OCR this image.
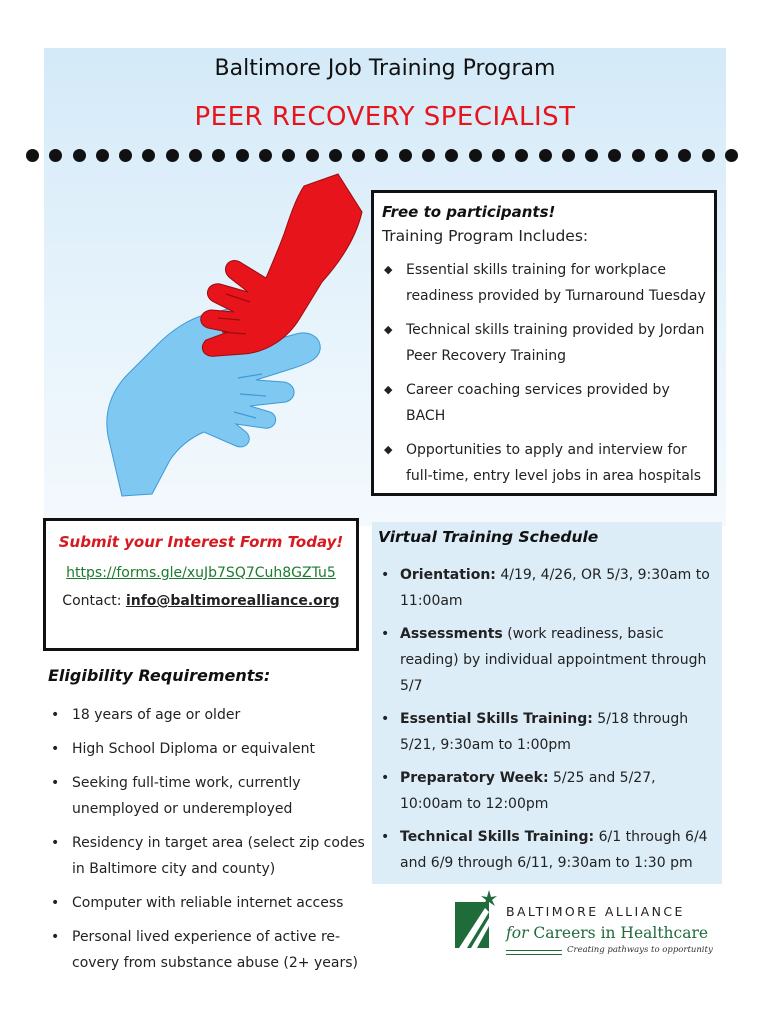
Baltimore Job Training Program
PEER RECOVERY SPECIALIST
Free to participants!
Training Program Includes:
◆ Essential skills training for workplace readiness provided by Turnaround Tuesday
◆ Technical skills training provided by Jordan Peer Recovery Training
◆ Career coaching services provided by BACH
◆ Opportunities to apply and interview for full-time, entry level jobs in area hospitals
Submit your Interest Form Today!
https://forms.gle/xuJb7SQ7Cuh8GZTu5
Contact: info@baltimorealliance.org
Eligibility Requirements:
• 18 years of age or older
• High School Diploma or equivalent
• Seeking full-time work, currently unemployed or underemployed
• Residency in target area (select zip codes in Baltimore city and county)
• Computer with reliable internet access
• Personal lived experience of active re-covery from substance abuse (2+ years)
Virtual Training Schedule
• Orientation: 4/19, 4/26, OR 5/3, 9:30am to 11:00am
• Assessments (work readiness, basic reading) by individual appointment through 5/7
• Essential Skills Training: 5/18 through 5/21, 9:30am to 1:00pm
• Preparatory Week: 5/25 and 5/27, 10:00am to 12:00pm
• Technical Skills Training: 6/1 through 6/4 and 6/9 through 6/11, 9:30am to 1:30 pm
BALTIMORE ALLIANCE
for Careers in Healthcare
Creating pathways to opportunity
